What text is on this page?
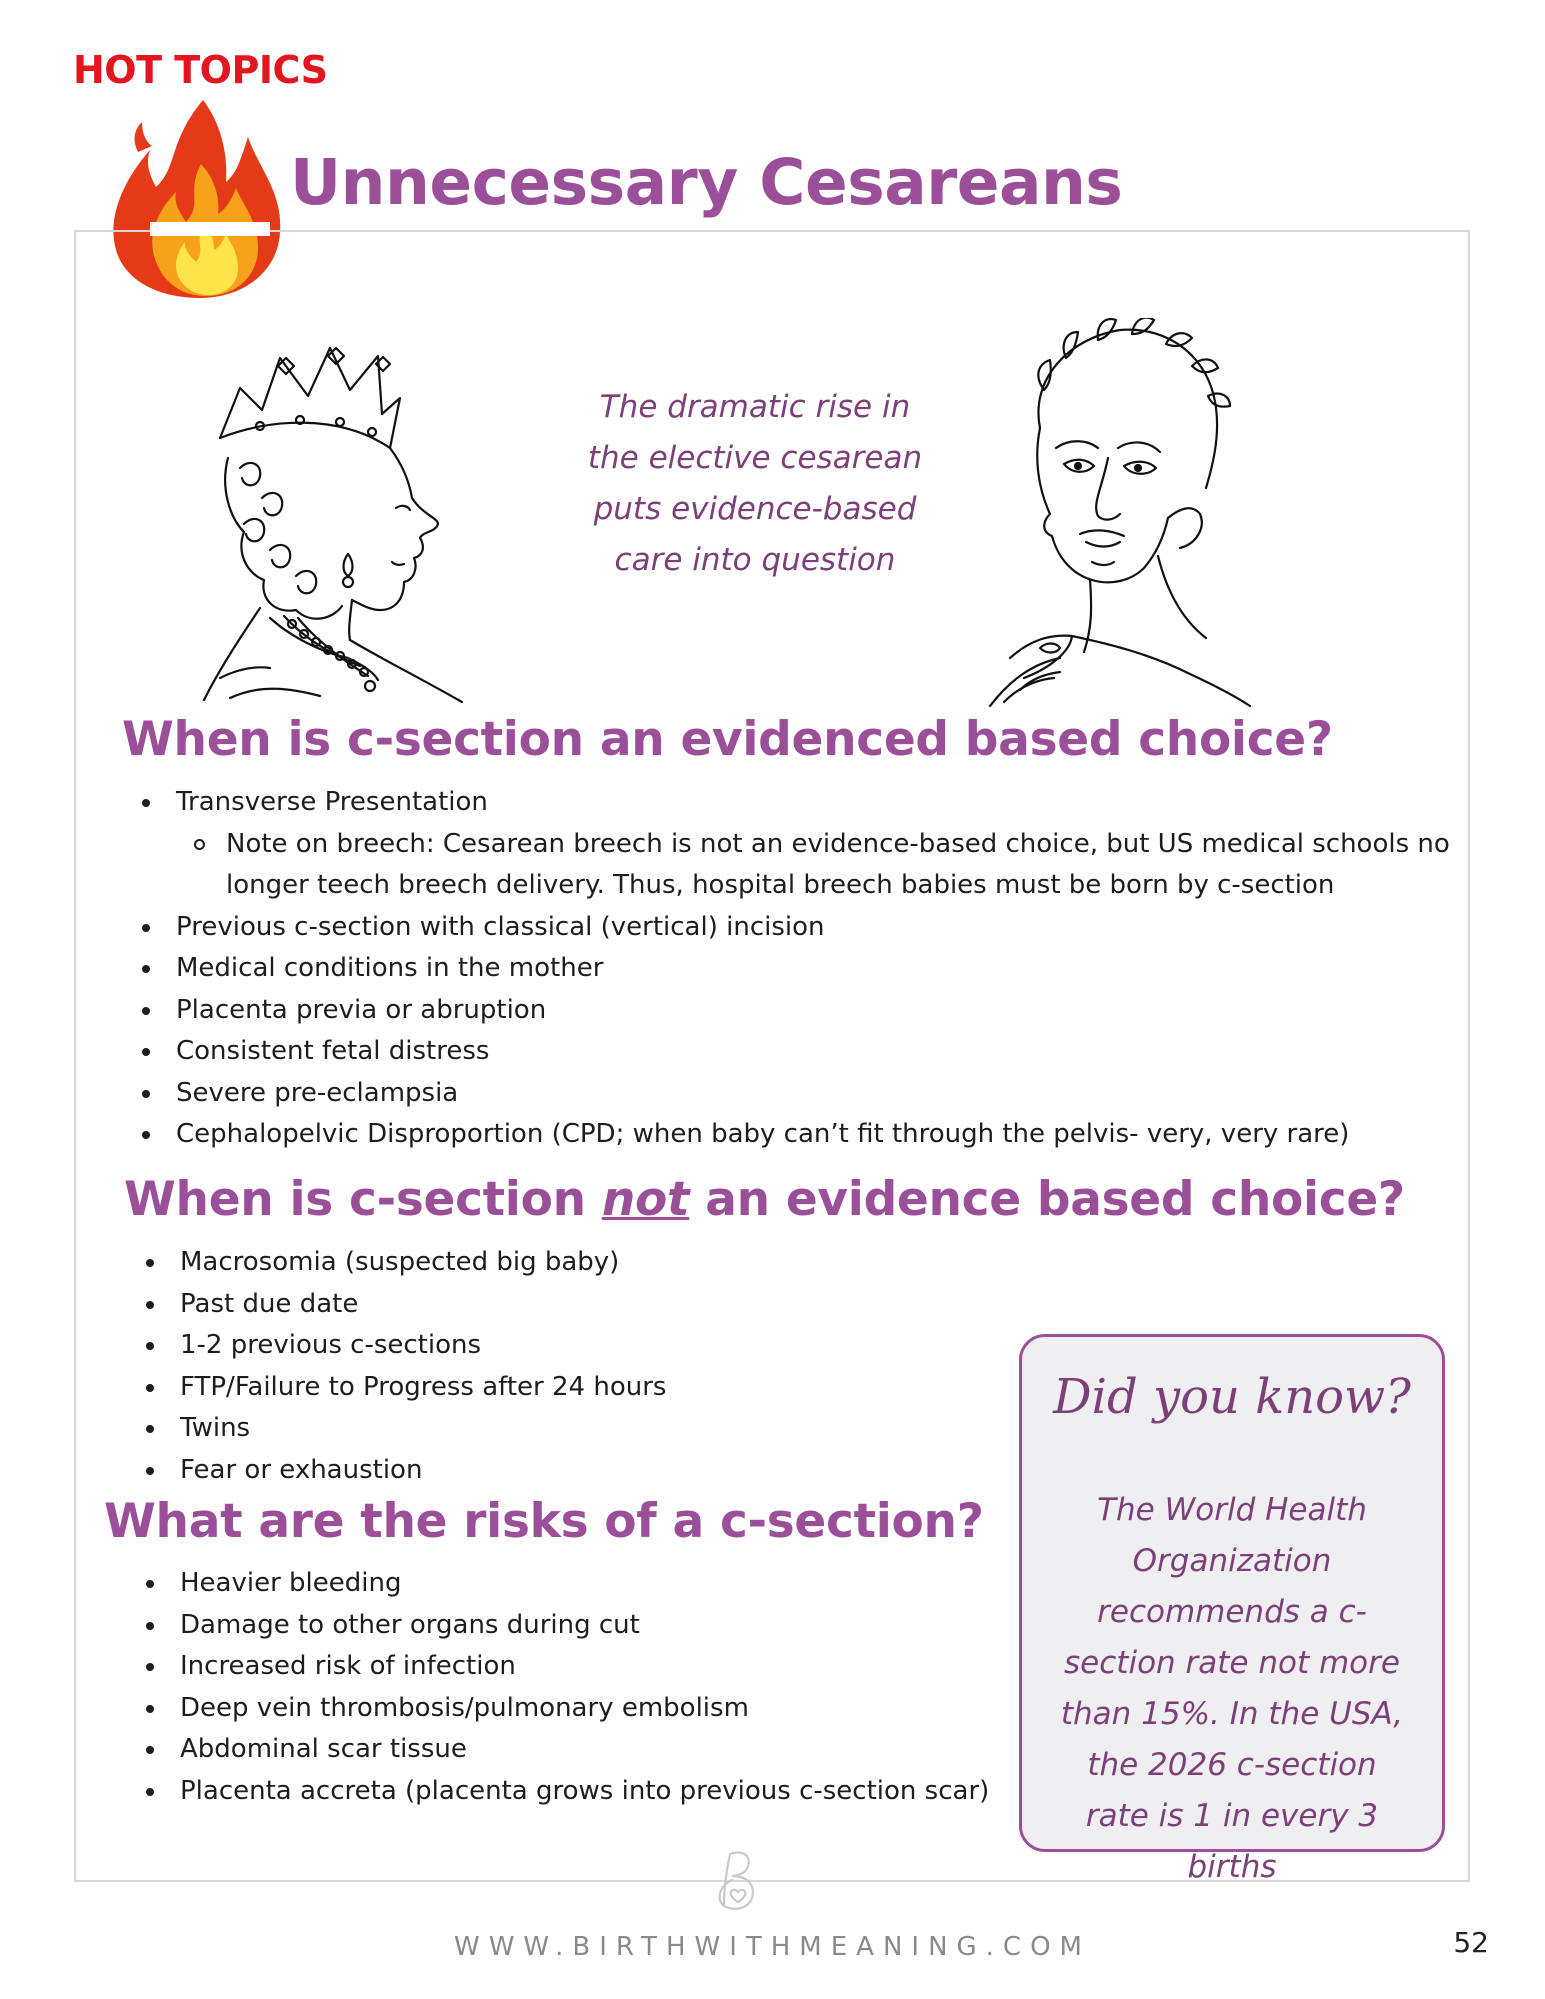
HOT TOPICS
Unnecessary Cesareans
The dramatic rise in
the elective cesarean
puts evidence-based
care into question
When is c-section an evidenced based choice?
Transverse Presentation
Note on breech: Cesarean breech is not an evidence-based choice, but US medical schools no longer teech breech delivery. Thus, hospital breech babies must be born by c-section
Previous c-section with classical (vertical) incision
Medical conditions in the mother
Placenta previa or abruption
Consistent fetal distress
Severe pre-eclampsia
Cephalopelvic Disproportion (CPD; when baby can’t fit through the pelvis- very, very rare)
When is c-section not an evidence based choice?
Macrosomia (suspected big baby)
Past due date
1-2 previous c-sections
FTP/Failure to Progress after 24 hours
Twins
Fear or exhaustion
What are the risks of a c-section?
Heavier bleeding
Damage to other organs during cut
Increased risk of infection
Deep vein thrombosis/pulmonary embolism
Abdominal scar tissue
Placenta accreta (placenta grows into previous c-section scar)
Did you know?
The World Health
Organization
recommends a c-
section rate not more
than 15%. In the USA,
the 2026 c-section
rate is 1 in every 3 births
WWW.BIRTHWITHMEANING.COM	52
